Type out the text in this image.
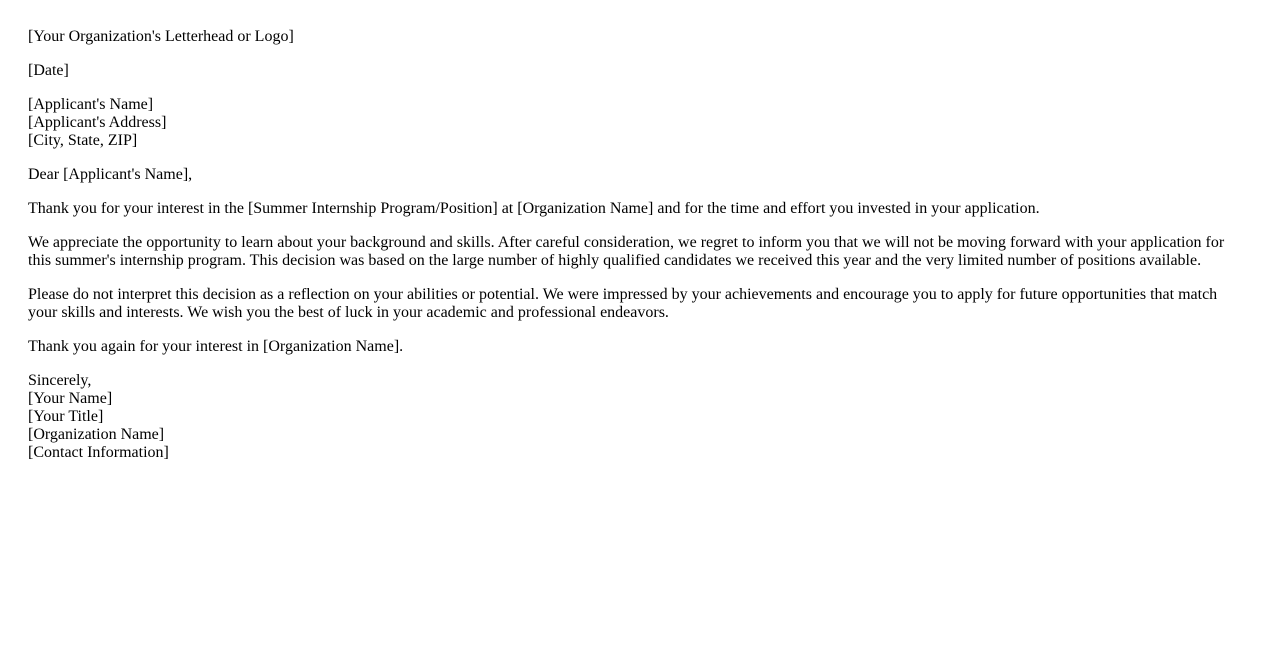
[Your Organization's Letterhead or Logo]
[Date]
[Applicant's Name]
[Applicant's Address]
[City, State, ZIP]
Dear [Applicant's Name],
Thank you for your interest in the [Summer Internship Program/Position] at [Organization Name] and for the time and effort you invested in your application.
We appreciate the opportunity to learn about your background and skills. After careful consideration, we regret to inform you that we will not be moving forward with your application for this summer's internship program. This decision was based on the large number of highly qualified candidates we received this year and the very limited number of positions available.
Please do not interpret this decision as a reflection on your abilities or potential. We were impressed by your achievements and encourage you to apply for future opportunities that match your skills and interests. We wish you the best of luck in your academic and professional endeavors.
Thank you again for your interest in [Organization Name].
Sincerely,
[Your Name]
[Your Title]
[Organization Name]
[Contact Information]
